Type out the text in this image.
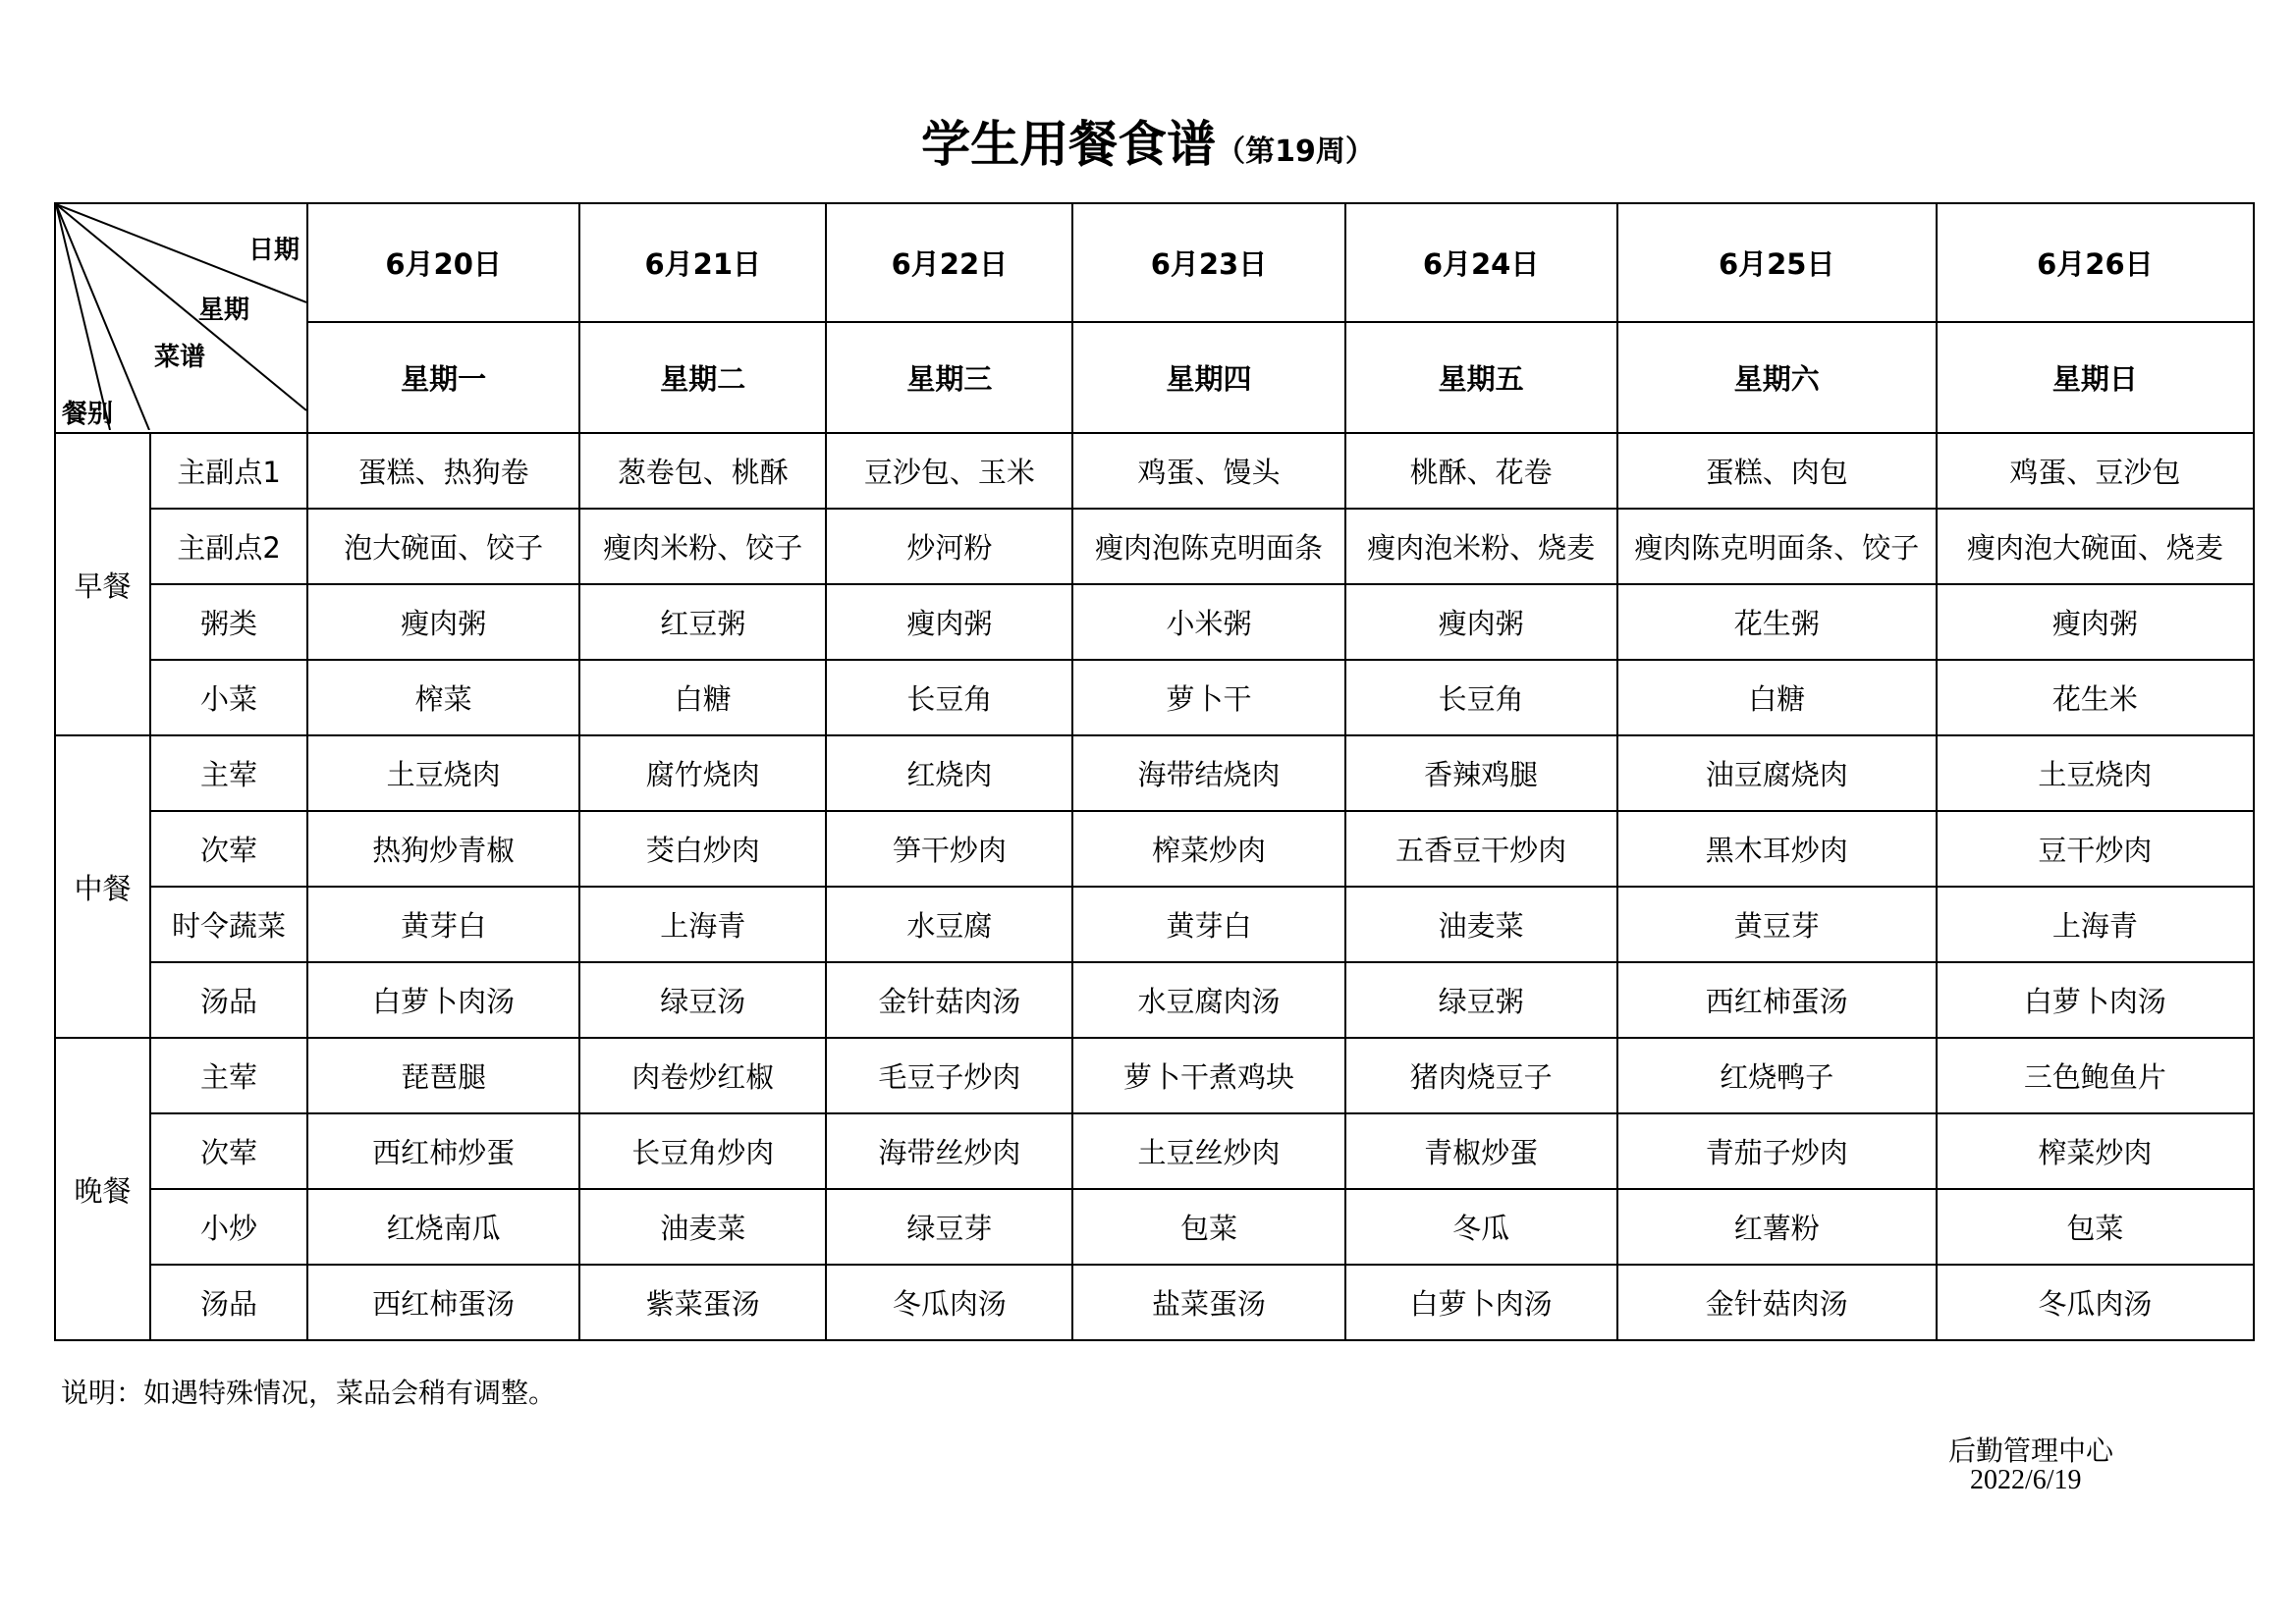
学生用餐食谱（第19周）
日期
星期
菜谱
餐别		6月20日	6月21日	6月22日	6月23日	6月24日	6月25日	6月26日
		星期一	星期二	星期三	星期四	星期五	星期六	星期日
早餐	主副点1	蛋糕、热狗卷	葱卷包、桃酥	豆沙包、玉米	鸡蛋、馒头	桃酥、花卷	蛋糕、肉包	鸡蛋、豆沙包
	主副点2	泡大碗面、饺子	瘦肉米粉、饺子	炒河粉	瘦肉泡陈克明面条	瘦肉泡米粉、烧麦	瘦肉陈克明面条、饺子	瘦肉泡大碗面、烧麦
	粥类	瘦肉粥	红豆粥	瘦肉粥	小米粥	瘦肉粥	花生粥	瘦肉粥
	小菜	榨菜	白糖	长豆角	萝卜干	长豆角	白糖	花生米
中餐	主荤	土豆烧肉	腐竹烧肉	红烧肉	海带结烧肉	香辣鸡腿	油豆腐烧肉	土豆烧肉
	次荤	热狗炒青椒	茭白炒肉	笋干炒肉	榨菜炒肉	五香豆干炒肉	黑木耳炒肉	豆干炒肉
	时令蔬菜	黄芽白	上海青	水豆腐	黄芽白	油麦菜	黄豆芽	上海青
	汤品	白萝卜肉汤	绿豆汤	金针菇肉汤	水豆腐肉汤	绿豆粥	西红柿蛋汤	白萝卜肉汤
晚餐	主荤	琵琶腿	肉卷炒红椒	毛豆子炒肉	萝卜干煮鸡块	猪肉烧豆子	红烧鸭子	三色鲍鱼片
	次荤	西红柿炒蛋	长豆角炒肉	海带丝炒肉	土豆丝炒肉	青椒炒蛋	青茄子炒肉	榨菜炒肉
	小炒	红烧南瓜	油麦菜	绿豆芽	包菜	冬瓜	红薯粉	包菜
	汤品	西红柿蛋汤	紫菜蛋汤	冬瓜肉汤	盐菜蛋汤	白萝卜肉汤	金针菇肉汤	冬瓜肉汤
说明：如遇特殊情况，菜品会稍有调整。
后勤管理中心
2022/6/19
